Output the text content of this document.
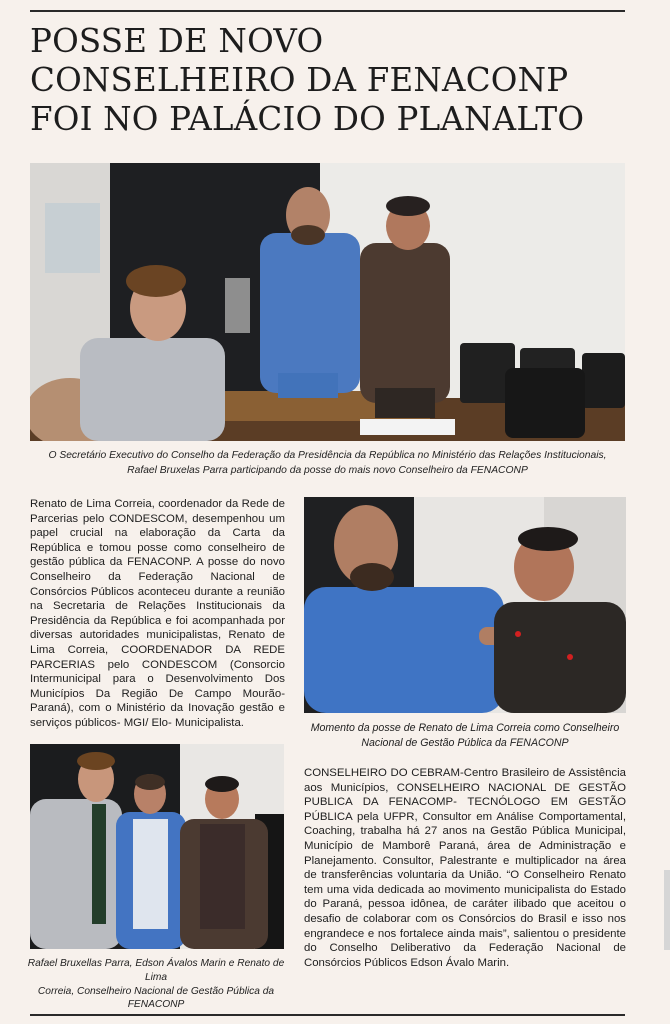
POSSE DE NOVO
CONSELHEIRO DA FENACONP
FOI NO PALÁCIO DO PLANALTO
O Secretário Executivo do Conselho da Federação da Presidência da República no Ministério das Relações Institucionais,
Rafael Bruxelas Parra participando da posse do mais novo Conselheiro da FENACONP

Renato de Lima Correia, coordenador da Rede de Parcerias pelo CONDESCOM, desempenhou um papel crucial na elaboração da Carta da República e tomou posse como conselheiro de gestão pública da FENACONP. A posse do novo Conselheiro da Federação Nacional de Consórcios Públicos aconteceu durante a reunião na Secretaria de Relações Institucionais da Presidência da República e foi acompanhada por diversas autoridades municipalistas, Renato de Lima Correia, COORDENADOR DA REDE PARCERIAS pelo CONDESCOM (Consorcio Intermunicipal para o Desenvolvimento Dos Municípios Da Região De Campo Mourão- Paraná), com o Ministério da Inovação gestão e serviços públicos- MGI/ Elo- Municipalista.	Momento da posse de Renato de Lima Correia como Conselheiro
Nacional de Gestão Pública da FENACONP
Rafael Bruxellas Parra, Edson Ávalos Marin e Renato de Lima
Correia, Conselheiro Nacional de Gestão Pública da
FENACONP

CONSELHEIRO DO CEBRAM-Centro Brasileiro de Assistência aos Municípios, CONSELHEIRO NACIONAL DE GESTÃO PUBLICA DA FENACOMP- TECNÓLOGO EM GESTÃO PÚBLICA pela UFPR, Consultor em Análise Comportamental, Coaching, trabalha há 27 anos na Gestão Pública Municipal, Município de Mamborê Paraná, área de Administração e Planejamento. Consultor, Palestrante e multiplicador na área de transferências voluntaria da União. “O Conselheiro Renato tem uma vida dedicada ao movimento municipalista do Estado do Paraná, pessoa idônea, de caráter ilibado que aceitou o desafio de colaborar com os Consórcios do Brasil e isso nos engrandece e nos fortalece ainda mais”, salientou o presidente do Conselho Deliberativo da Federação Nacional de Consórcios Públicos Edson Ávalo Marin.
